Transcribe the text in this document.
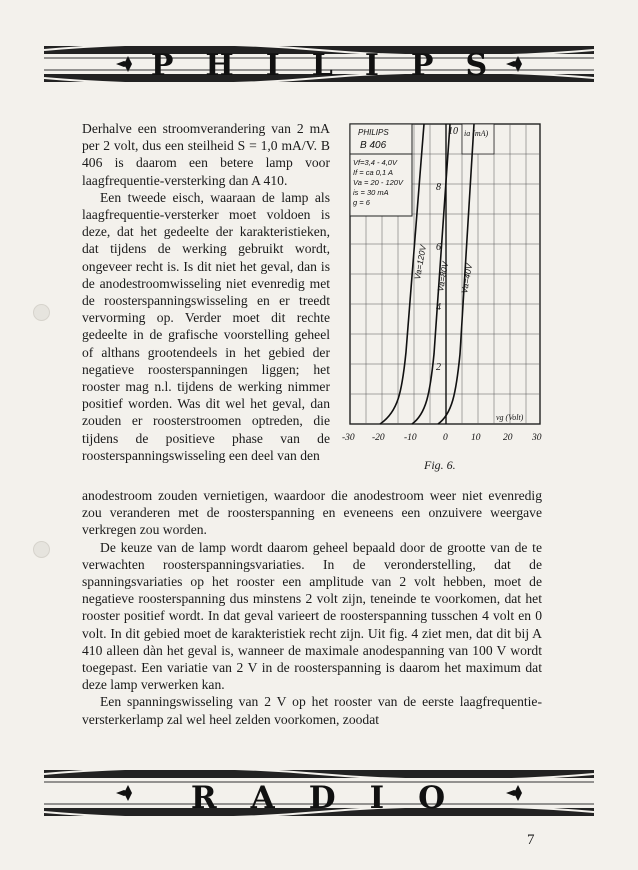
PHILIPS

Derhalve een stroomverandering van 2 mA per 2 volt, dus een steilheid S = 1,0 mA/V. B 406 is daarom een betere lamp voor laagfrequentie-versterking dan A 410.

Een tweede eisch, waaraan de lamp als laagfrequentie-versterker moet voldoen is deze, dat het gedeelte der karakteristieken, dat tijdens de werking gebruikt wordt, ongeveer recht is. Is dit niet het geval, dan is de anodestroomwisseling niet evenredig met de roosterspanningswisseling en er treedt vervorming op. Verder moet dit rechte gedeelte in de grafische voorstelling geheel of althans grootendeels in het gebied der negatieve roosterspanningen liggen; het rooster mag n.l. tijdens de werking nimmer positief worden. Was dit wel het geval, dan zouden er roosterstroomen optreden, die tijdens de positieve phase van de roosterspanningswisseling een deel van den

2
4
6
8
10
-30 -20 -10	0 10 20 30
vg (Volt)
ia (mA)
PHILIPS
B 406
Vf=3,4 - 4,0V
If = ca 0,1 A
Va = 20 - 120V
is = 30 mA
g = 6
Va=120V Va=80V Va=40V
Fig. 6.

anodestroom zouden vernietigen, waardoor die anodestroom weer niet evenredig zou veranderen met de roosterspanning en eveneens een onzuivere weergave verkregen zou worden.

De keuze van de lamp wordt daarom geheel bepaald door de grootte van de te verwachten roosterspanningsvariaties. In de veronderstelling, dat de spanningsvariaties op het rooster een amplitude van 2 volt hebben, moet de negatieve roosterspanning dus minstens 2 volt zijn, teneinde te voorkomen, dat het rooster positief wordt. In dat geval varieert de roosterspanning tusschen 4 volt en 0 volt. In dit gebied moet de karakteristiek recht zijn. Uit fig. 4 ziet men, dat dit bij A 410 alleen dàn het geval is, wanneer de maximale anodespanning van 100 V wordt toegepast. Een variatie van 2 V in de roosterspanning is daarom het maximum dat deze lamp verwerken kan.

Een spanningswisseling van 2 V op het rooster van de eerste laagfrequentie-versterkerlamp zal wel heel zelden voorkomen, zoodat

RADIO
7
